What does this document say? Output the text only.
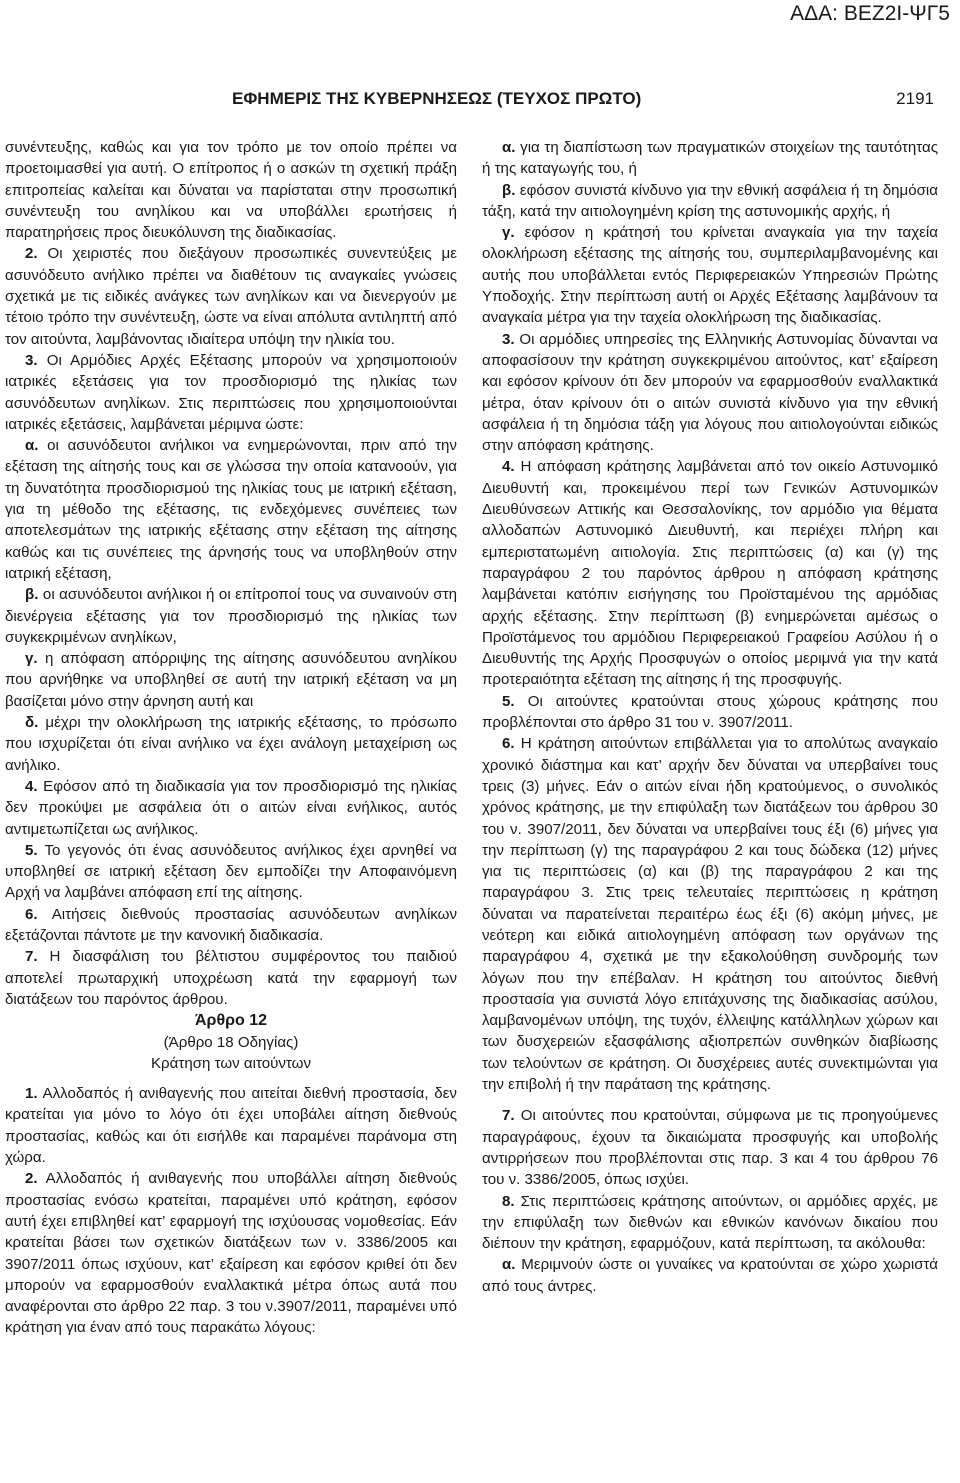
ΑΔΑ: ΒΕΖ2Ι-ΨΓ5
ΕΦΗΜΕΡΙΣ ΤΗΣ ΚΥΒΕΡΝΗΣΕΩΣ (ΤΕΥΧΟΣ ΠΡΩΤΟ)	2191

συνέντευξης, καθώς και για τον τρόπο με τον οποίο πρέπει να προετοιμασθεί για αυτή. Ο επίτροπος ή ο ασκών τη σχετική πράξη επιτροπείας καλείται και δύναται να παρίσταται στην προσωπική συνέντευξη του ανηλίκου και να υποβάλλει ερωτήσεις ή παρατηρήσεις προς διευκόλυνση της διαδικασίας.

2. Οι χειριστές που διεξάγουν προσωπικές συνεντεύξεις με ασυνόδευτο ανήλικο πρέπει να διαθέτουν τις αναγκαίες γνώσεις σχετικά με τις ειδικές ανάγκες των ανηλίκων και να διενεργούν με τέτοιο τρόπο την συνέντευξη, ώστε να είναι απόλυτα αντιληπτή από τον αιτούντα, λαμβάνοντας ιδιαίτερα υπόψη την ηλικία του.

3. Οι Αρμόδιες Αρχές Εξέτασης μπορούν να χρησιμοποιούν ιατρικές εξετάσεις για τον προσδιορισμό της ηλικίας των ασυνόδευτων ανηλίκων. Στις περιπτώσεις που χρησιμοποιούνται ιατρικές εξετάσεις, λαμβάνεται μέριμνα ώστε:

α. οι ασυνόδευτοι ανήλικοι να ενημερώνονται, πριν από την εξέταση της αίτησής τους και σε γλώσσα την οποία κατανοούν, για τη δυνατότητα προσδιορισμού της ηλικίας τους με ιατρική εξέταση, για τη μέθοδο της εξέτασης, τις ενδεχόμενες συνέπειες των αποτελεσμάτων της ιατρικής εξέτασης στην εξέταση της αίτησης καθώς και τις συνέπειες της άρνησής τους να υποβληθούν στην ιατρική εξέταση,

β. οι ασυνόδευτοι ανήλικοι ή οι επίτροποί τους να συναινούν στη διενέργεια εξέτασης για τον προσδιορισμό της ηλικίας των συγκεκριμένων ανηλίκων,

γ. η απόφαση απόρριψης της αίτησης ασυνόδευτου ανηλίκου που αρνήθηκε να υποβληθεί σε αυτή την ιατρική εξέταση να μη βασίζεται μόνο στην άρνηση αυτή και

δ. μέχρι την ολοκλήρωση της ιατρικής εξέτασης, το πρόσωπο που ισχυρίζεται ότι είναι ανήλικο να έχει ανάλογη μεταχείριση ως ανήλικο.

4. Εφόσον από τη διαδικασία για τον προσδιορισμό της ηλικίας δεν προκύψει με ασφάλεια ότι ο αιτών είναι ενήλικος, αυτός αντιμετωπίζεται ως ανήλικος.

5. Το γεγονός ότι ένας ασυνόδευτος ανήλικος έχει αρνηθεί να υποβληθεί σε ιατρική εξέταση δεν εμποδίζει την Αποφαινόμενη Αρχή να λαμβάνει απόφαση επί της αίτησης.

6. Αιτήσεις διεθνούς προστασίας ασυνόδευτων ανηλίκων εξετάζονται πάντοτε με την κανονική διαδικασία.

7. Η διασφάλιση του βέλτιστου συμφέροντος του παιδιού αποτελεί πρωταρχική υποχρέωση κατά την εφαρμογή των διατάξεων του παρόντος άρθρου.

Άρθρο 12

(Άρθρο 18 Οδηγίας)

Κράτηση των αιτούντων

1. Αλλοδαπός ή ανιθαγενής που αιτείται διεθνή προστασία, δεν κρατείται για μόνο το λόγο ότι έχει υποβάλει αίτηση διεθνούς προστασίας, καθώς και ότι εισήλθε και παραμένει παράνομα στη χώρα.

2. Αλλοδαπός ή ανιθαγενής που υποβάλλει αίτηση διεθνούς προστασίας ενόσω κρατείται, παραμένει υπό κράτηση, εφόσον αυτή έχει επιβληθεί κατ’ εφαρμογή της ισχύουσας νομοθεσίας. Εάν κρατείται βάσει των σχετικών διατάξεων των ν. 3386/2005 και 3907/2011 όπως ισχύουν, κατ’ εξαίρεση και εφόσον κριθεί ότι δεν μπορούν να εφαρμοσθούν εναλλακτικά μέτρα όπως αυτά που αναφέρονται στο άρθρο 22 παρ. 3 του ν.3907/2011, παραμένει υπό κράτηση για έναν από τους παρακάτω λόγους:

α. για τη διαπίστωση των πραγματικών στοιχείων της ταυτότητας ή της καταγωγής του, ή

β. εφόσον συνιστά κίνδυνο για την εθνική ασφάλεια ή τη δημόσια τάξη, κατά την αιτιολογημένη κρίση της αστυνομικής αρχής, ή

γ. εφόσον η κράτησή του κρίνεται αναγκαία για την ταχεία ολοκλήρωση εξέτασης της αίτησής του, συμπεριλαμβανομένης και αυτής που υποβάλλεται εντός Περιφερειακών Υπηρεσιών Πρώτης Υποδοχής. Στην περίπτωση αυτή οι Αρχές Εξέτασης λαμβάνουν τα αναγκαία μέτρα για την ταχεία ολοκλήρωση της διαδικασίας.

3. Οι αρμόδιες υπηρεσίες της Ελληνικής Αστυνομίας δύνανται να αποφασίσουν την κράτηση συγκεκριμένου αιτούντος, κατ’ εξαίρεση και εφόσον κρίνουν ότι δεν μπορούν να εφαρμοσθούν εναλλακτικά μέτρα, όταν κρίνουν ότι ο αιτών συνιστά κίνδυνο για την εθνική ασφάλεια ή τη δημόσια τάξη για λόγους που αιτιολογούνται ειδικώς στην απόφαση κράτησης.

4. Η απόφαση κράτησης λαμβάνεται από τον οικείο Αστυνομικό Διευθυντή και, προκειμένου περί των Γενικών Αστυνομικών Διευθύνσεων Αττικής και Θεσσαλονίκης, τον αρμόδιο για θέματα αλλοδαπών Αστυνομικό Διευθυντή, και περιέχει πλήρη και εμπεριστατωμένη αιτιολογία. Στις περιπτώσεις (α) και (γ) της παραγράφου 2 του παρόντος άρθρου η απόφαση κράτησης λαμβάνεται κατόπιν εισήγησης του Προϊσταμένου της αρμόδιας αρχής εξέτασης. Στην περίπτωση (β) ενημερώνεται αμέσως ο Προϊστάμενος του αρμόδιου Περιφερειακού Γραφείου Ασύλου ή ο Διευθυντής της Αρχής Προσφυγών ο οποίος μεριμνά για την κατά προτεραιότητα εξέταση της αίτησης ή της προσφυγής.

5. Οι αιτούντες κρατούνται στους χώρους κράτησης που προβλέπονται στο άρθρο 31 του ν. 3907/2011.

6. Η κράτηση αιτούντων επιβάλλεται για το απολύτως αναγκαίο χρονικό διάστημα και κατ’ αρχήν δεν δύναται να υπερβαίνει τους τρεις (3) μήνες. Εάν ο αιτών είναι ήδη κρατούμενος, ο συνολικός χρόνος κράτησης, με την επιφύλαξη των διατάξεων του άρθρου 30 του ν. 3907/2011, δεν δύναται να υπερβαίνει τους έξι (6) μήνες για την περίπτωση (γ) της παραγράφου 2 και τους δώδεκα (12) μήνες για τις περιπτώσεις (α) και (β) της παραγράφου 2 και της παραγράφου 3. Στις τρεις τελευταίες περιπτώσεις η κράτηση δύναται να παρατείνεται περαιτέρω έως έξι (6) ακόμη μήνες, με νεότερη και ειδικά αιτιολογημένη απόφαση των οργάνων της παραγράφου 4, σχετικά με την εξακολούθηση συνδρομής των λόγων που την επέβαλαν. Η κράτηση του αιτούντος διεθνή προστασία για συνιστά λόγο επιτάχυνσης της διαδικασίας ασύλου, λαμβανομένων υπόψη, της τυχόν, έλλειψης κατάλληλων χώρων και των δυσχερειών εξασφάλισης αξιοπρεπών συνθηκών διαβίωσης των τελούντων σε κράτηση. Οι δυσχέρειες αυτές συνεκτιμώνται για την επιβολή ή την παράταση της κράτησης.

7. Οι αιτούντες που κρατούνται, σύμφωνα με τις προηγούμενες παραγράφους, έχουν τα δικαιώματα προσφυγής και υποβολής αντιρρήσεων που προβλέπονται στις παρ. 3 και 4 του άρθρου 76 του ν. 3386/2005, όπως ισχύει.

8. Στις περιπτώσεις κράτησης αιτούντων, οι αρμόδιες αρχές, με την επιφύλαξη των διεθνών και εθνικών κανόνων δικαίου που διέπουν την κράτηση, εφαρμόζουν, κατά περίπτωση, τα ακόλουθα:

α. Μεριμνούν ώστε οι γυναίκες να κρατούνται σε χώρο χωριστά από τους άντρες.
